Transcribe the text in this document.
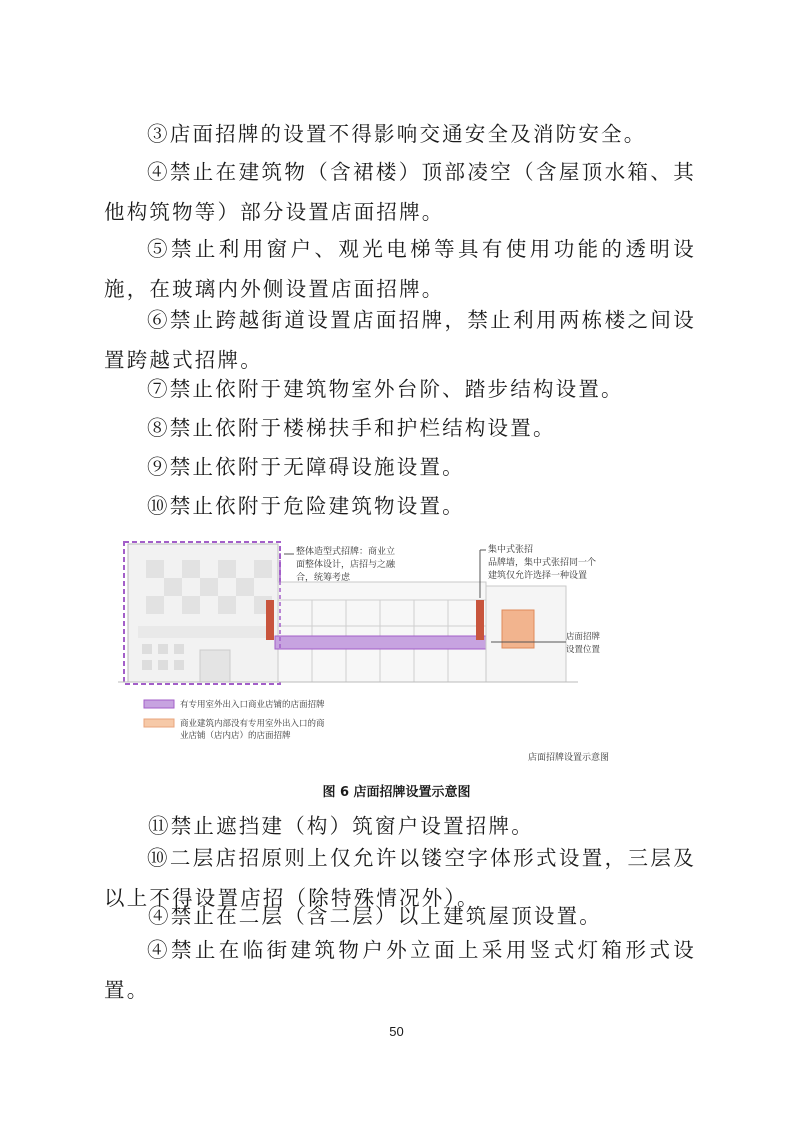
③店面招牌的设置不得影响交通安全及消防安全。

④禁止在建筑物（含裙楼）顶部凌空（含屋顶水箱、其他构筑物等）部分设置店面招牌。

⑤禁止利用窗户、观光电梯等具有使用功能的透明设施，在玻璃内外侧设置店面招牌。

⑥禁止跨越街道设置店面招牌，禁止利用两栋楼之间设置跨越式招牌。

⑦禁止依附于建筑物室外台阶、踏步结构设置。

⑧禁止依附于楼梯扶手和护栏结构设置。

⑨禁止依附于无障碍设施设置。

⑩禁止依附于危险建筑物设置。

整体造型式招牌：商业立 面整体设计，店招与之融 合，统筹考虑
集中式张招 品牌墙，集中式张招同一个 建筑仅允许选择一种设置
店面招牌 设置位置
有专用室外出入口商业店铺的店面招牌
商业建筑内部没有专用室外出入口的商 业店铺（店内店）的店面招牌
店面招牌设置示意图
图 6 店面招牌设置示意图

⑪禁止遮挡建（构）筑窗户设置招牌。

⑩二层店招原则上仅允许以镂空字体形式设置，三层及以上不得设置店招（除特殊情况外）。

④禁止在二层（含二层）以上建筑屋顶设置。

④禁止在临街建筑物户外立面上采用竖式灯箱形式设置。

50
